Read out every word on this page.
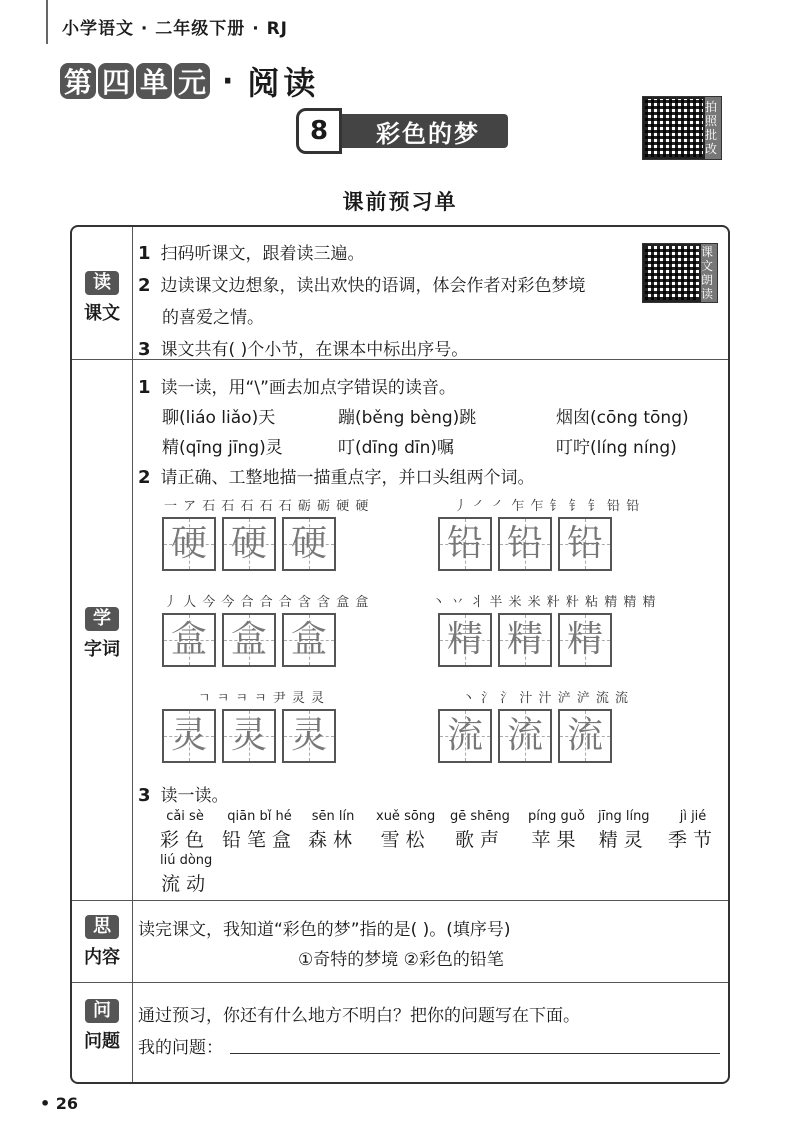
小学语文 · 二年级下册 · RJ
第 四 单 元 · 阅读
8	彩色的梦
拍照批改
课前预习单
读
课文
1 扫码听课文，跟着读三遍。
2 边读课文边想象，读出欢快的语调，体会作者对彩色梦境
的喜爱之情。
3 课文共有( )个小节，在课本中标出序号。
课文朗读
学
字词
1 读一读，用“\”画去加点字错误的读音。
聊(liáo liǎo)天	蹦(běng bèng)跳	烟囱(cōng tōng)
精(qīng jīng)灵	叮(dīng dīn)嘱	叮咛(líng níng)
2 请正确、工整地描一描重点字，并口头组两个词。
一 ア 石 石 石 石 石 砺 砺 硬 硬
硬 硬 硬
丿 ㇒ ㇒ 乍 乍 钅 钅 钅 铅 铅
铅 铅 铅
丿 人 今 今 合 合 合 含 含 盒 盒
盒 盒 盒
丶 丷 丬 半 米 米 籵 籵 粘 精 精 精
精 精 精
ㄱ ㅋ ㅋ ㅋ 尹 灵 灵
灵 灵 灵
丶 氵 氵 汁 汁 浐 浐 流 流
流 流 流
3 读一读。
cǎi sè
彩色
qiān bǐ hé
铅笔盒
sēn lín
森林
xuě sōng
雪松
gē shēng
歌声
píng guǒ
苹果
jīng líng
精灵
jì jié
季节
liú dòng
流动
思
内容
读完课文，我知道“彩色的梦”指的是( )。(填序号)
①奇特的梦境 ②彩色的铅笔
问
问题
通过预习，你还有什么地方不明白？把你的问题写在下面。
我的问题：
• 26
